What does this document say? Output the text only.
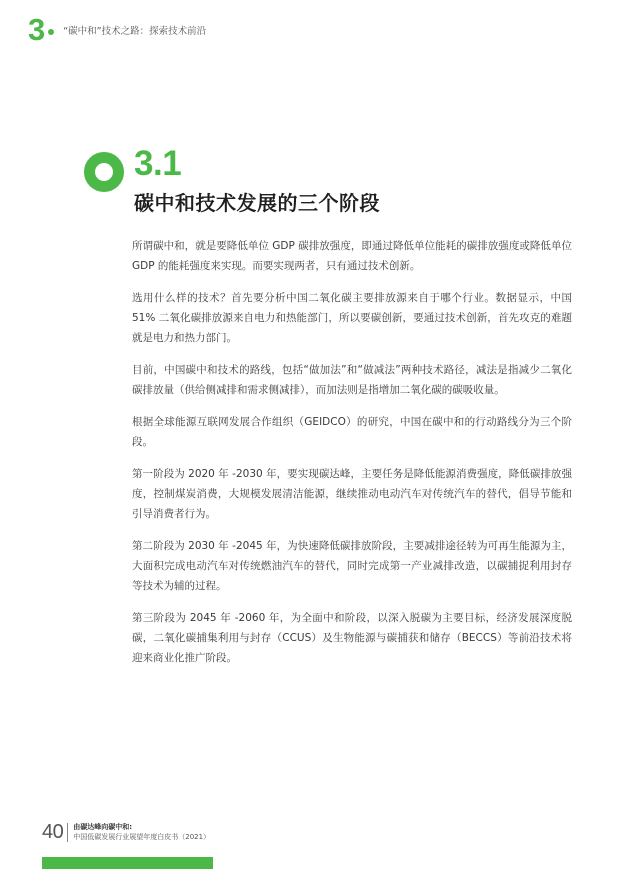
3 “碳中和”技术之路：探索技术前沿
3.1
碳中和技术发展的三个阶段

所谓碳中和，就是要降低单位 GDP 碳排放强度，即通过降低单位能耗的碳排放强度或降低单位 GDP 的能耗强度来实现。而要实现两者，只有通过技术创新。

选用什么样的技术？首先要分析中国二氧化碳主要排放源来自于哪个行业。数据显示，中国 51% 二氧化碳排放源来自电力和热能部门，所以要碳创新，要通过技术创新，首先攻克的难题就是电力和热力部门。

目前，中国碳中和技术的路线，包括“做加法”和“做减法”两种技术路径，减法是指减少二氧化碳排放量（供给侧减排和需求侧减排），而加法则是指增加二氧化碳的碳吸收量。

根据全球能源互联网发展合作组织（GEIDCO）的研究，中国在碳中和的行动路线分为三个阶段。

第一阶段为 2020 年 -2030 年，要实现碳达峰，主要任务是降低能源消费强度，降低碳排放强度，控制煤炭消费，大规模发展清洁能源，继续推动电动汽车对传统汽车的替代，倡导节能和引导消费者行为。

第二阶段为 2030 年 -2045 年，为快速降低碳排放阶段，主要减排途径转为可再生能源为主，大面积完成电动汽车对传统燃油汽车的替代，同时完成第一产业减排改造，以碳捕捉利用封存等技术为辅的过程。

第三阶段为 2045 年 -2060 年，为全面中和阶段，以深入脱碳为主要目标，经济发展深度脱碳，二氧化碳捕集利用与封存（CCUS）及生物能源与碳捕获和储存（BECCS）等前沿技术将迎来商业化推广阶段。

40 由碳达峰向碳中和:
中国低碳发展行业展望年度白皮书（2021）
